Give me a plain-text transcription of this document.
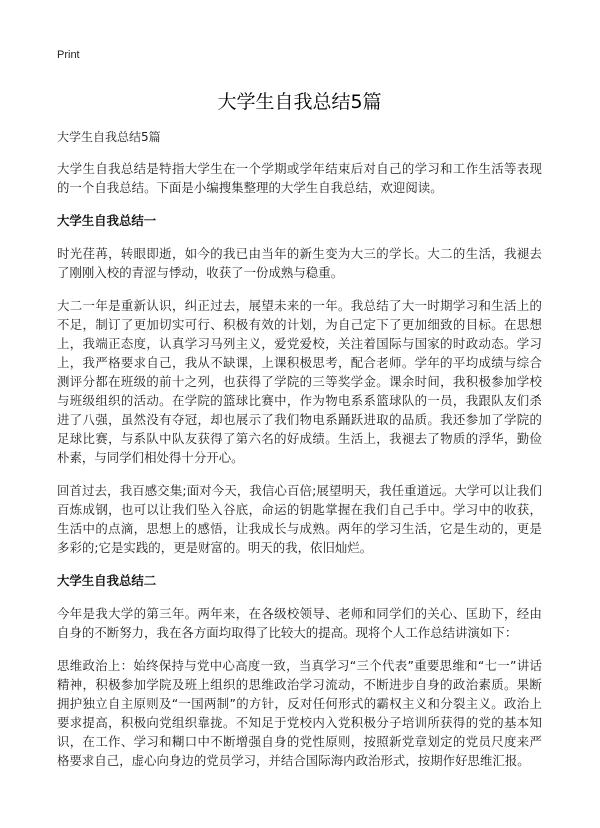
Print
大学生自我总结5篇
大学生自我总结5篇

大学生自我总结是特指大学生在一个学期或学年结束后对自己的学习和工作生活等表现的一个自我总结。下面是小编搜集整理的大学生自我总结，欢迎阅读。

大学生自我总结一

时光荏苒，转眼即逝，如今的我已由当年的新生变为大三的学长。大二的生活，我褪去了刚刚入校的青涩与悸动，收获了一份成熟与稳重。

大二一年是重新认识，纠正过去，展望未来的一年。我总结了大一时期学习和生活上的不足，制订了更加切实可行、积极有效的计划，为自己定下了更加细致的目标。在思想上，我端正态度，认真学习马列主义，爱党爱校，关注着国际与国家的时政动态。学习上，我严格要求自己，我从不缺课，上课积极思考，配合老师。学年的平均成绩与综合测评分都在班级的前十之列，也获得了学院的三等奖学金。课余时间，我积极参加学校与班级组织的活动。在学院的篮球比赛中，作为物电系系篮球队的一员，我跟队友们杀进了八强，虽然没有夺冠，却也展示了我们物电系踊跃进取的品质。我还参加了学院的足球比赛，与系队中队友获得了第六名的好成绩。生活上，我褪去了物质的浮华，勤俭朴素，与同学们相处得十分开心。

回首过去，我百感交集;面对今天，我信心百倍;展望明天，我任重道远。大学可以让我们百炼成钢，也可以让我们坠入谷底，命运的钥匙掌握在我们自己手中。学习中的收获，生活中的点滴，思想上的感悟，让我成长与成熟。两年的学习生活，它是生动的，更是多彩的;它是实践的，更是财富的。明天的我，依旧灿烂。

大学生自我总结二

今年是我大学的第三年。两年来，在各级校领导、老师和同学们的关心、匡助下，经由自身的不断努力，我在各方面均取得了比较大的提高。现将个人工作总结讲演如下：

思维政治上：始终保持与党中心高度一致，当真学习“三个代表”重要思维和“七一”讲话精神，积极参加学院及班上组织的思维政治学习流动，不断进步自身的政治素质。果断拥护独立自主原则及“一国两制”的方针，反对任何形式的霸权主义和分裂主义。政治上要求提高，积极向党组织靠拢。不知足于党校内入党积极分子培训所获得的党的基本知识，在工作、学习和糊口中不断增强自身的党性原则，按照新党章划定的党员尺度来严格要求自己，虚心向身边的党员学习，并结合国际海内政治形式，按期作好思维汇报。
